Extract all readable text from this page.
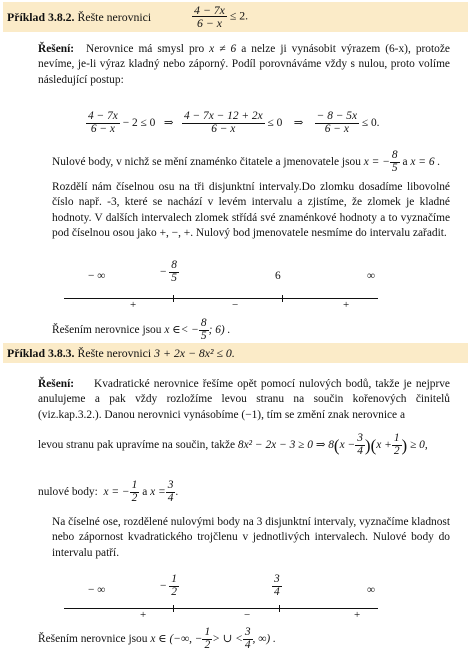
Příklad 3.8.2. Řešte nerovnici	$\frac{4 - 7x}{6 - x} \le 2$.
Řešení:	Nerovnice má smysl pro x ≠ 6 a nelze ji vynásobit výrazem (6-x), protože nevíme, je-li výraz kladný nebo záporný. Podíl porovnáváme vždy s nulou, proto volíme následující postup:
$\frac{4 - 7x}{6 - x} - 2 \le 0$ ⇒ $\frac{4 - 7x - 12 + 2x}{6 - x} \le 0$ ⇒ $\frac{- 8 - 5x}{6 - x} \le 0$.
Nulové body, v nichž se mění znaménko čitatele a jmenovatele jsou x = − $\frac{8}{5}$ a x = 6 .
Rozdělí nám číselnou osu na tři disjunktní intervaly.Do zlomku dosadíme libovolné číslo např. -3, které se nachází v levém intervalu a zjistíme, že zlomek je kladné hodnoty. V dalších intervalech zlomek střídá své znaménkové hodnoty a to vyznačíme pod číselnou osou jako +, −, +. Nulový bod jmenovatele nesmíme do intervalu zařadit.
− ∞	− $\frac{8}{5}$	6	∞
+	−	+
Řešením nerovnice jsou x ∈< − $\frac{8}{5}$ ; 6) .
Příklad 3.8.3. Řešte nerovnici 3 + 2x − 8x² ≤ 0.
Řešení:	Kvadratické nerovnice řešíme opět pomocí nulových bodů, takže je nejprve anulujeme a pak vždy rozložíme levou stranu na součin kořenových činitelů (viz.kap.3.2.). Danou nerovnici vynásobíme (−1), tím se změní znak nerovnice a
levou stranu pak upravíme na součin, takže 8x² − 2x − 3 ≥ 0 ⇒ $8(x - \frac{3}{4} )(x + \frac{1}{2}$ ) ≥ 0,
nulové body: x = − $\frac{1}{2}$ a $x = \frac{3}{4}$ .
Na číselné ose, rozdělené nulovými body na 3 disjunktní intervaly, vyznačíme kladnost nebo zápornost kvadratického trojčlenu v jednotlivých intervalech. Nulové body do intervalu patří.
− ∞	− $\frac{1}{2}$	$\frac{3}{4}$	∞
+	−	+
Řešením nerovnice jsou x ∈ (−∞, − $\frac{1}{2}$ > ∪ < $\frac{3}{4}$ , ∞) .
